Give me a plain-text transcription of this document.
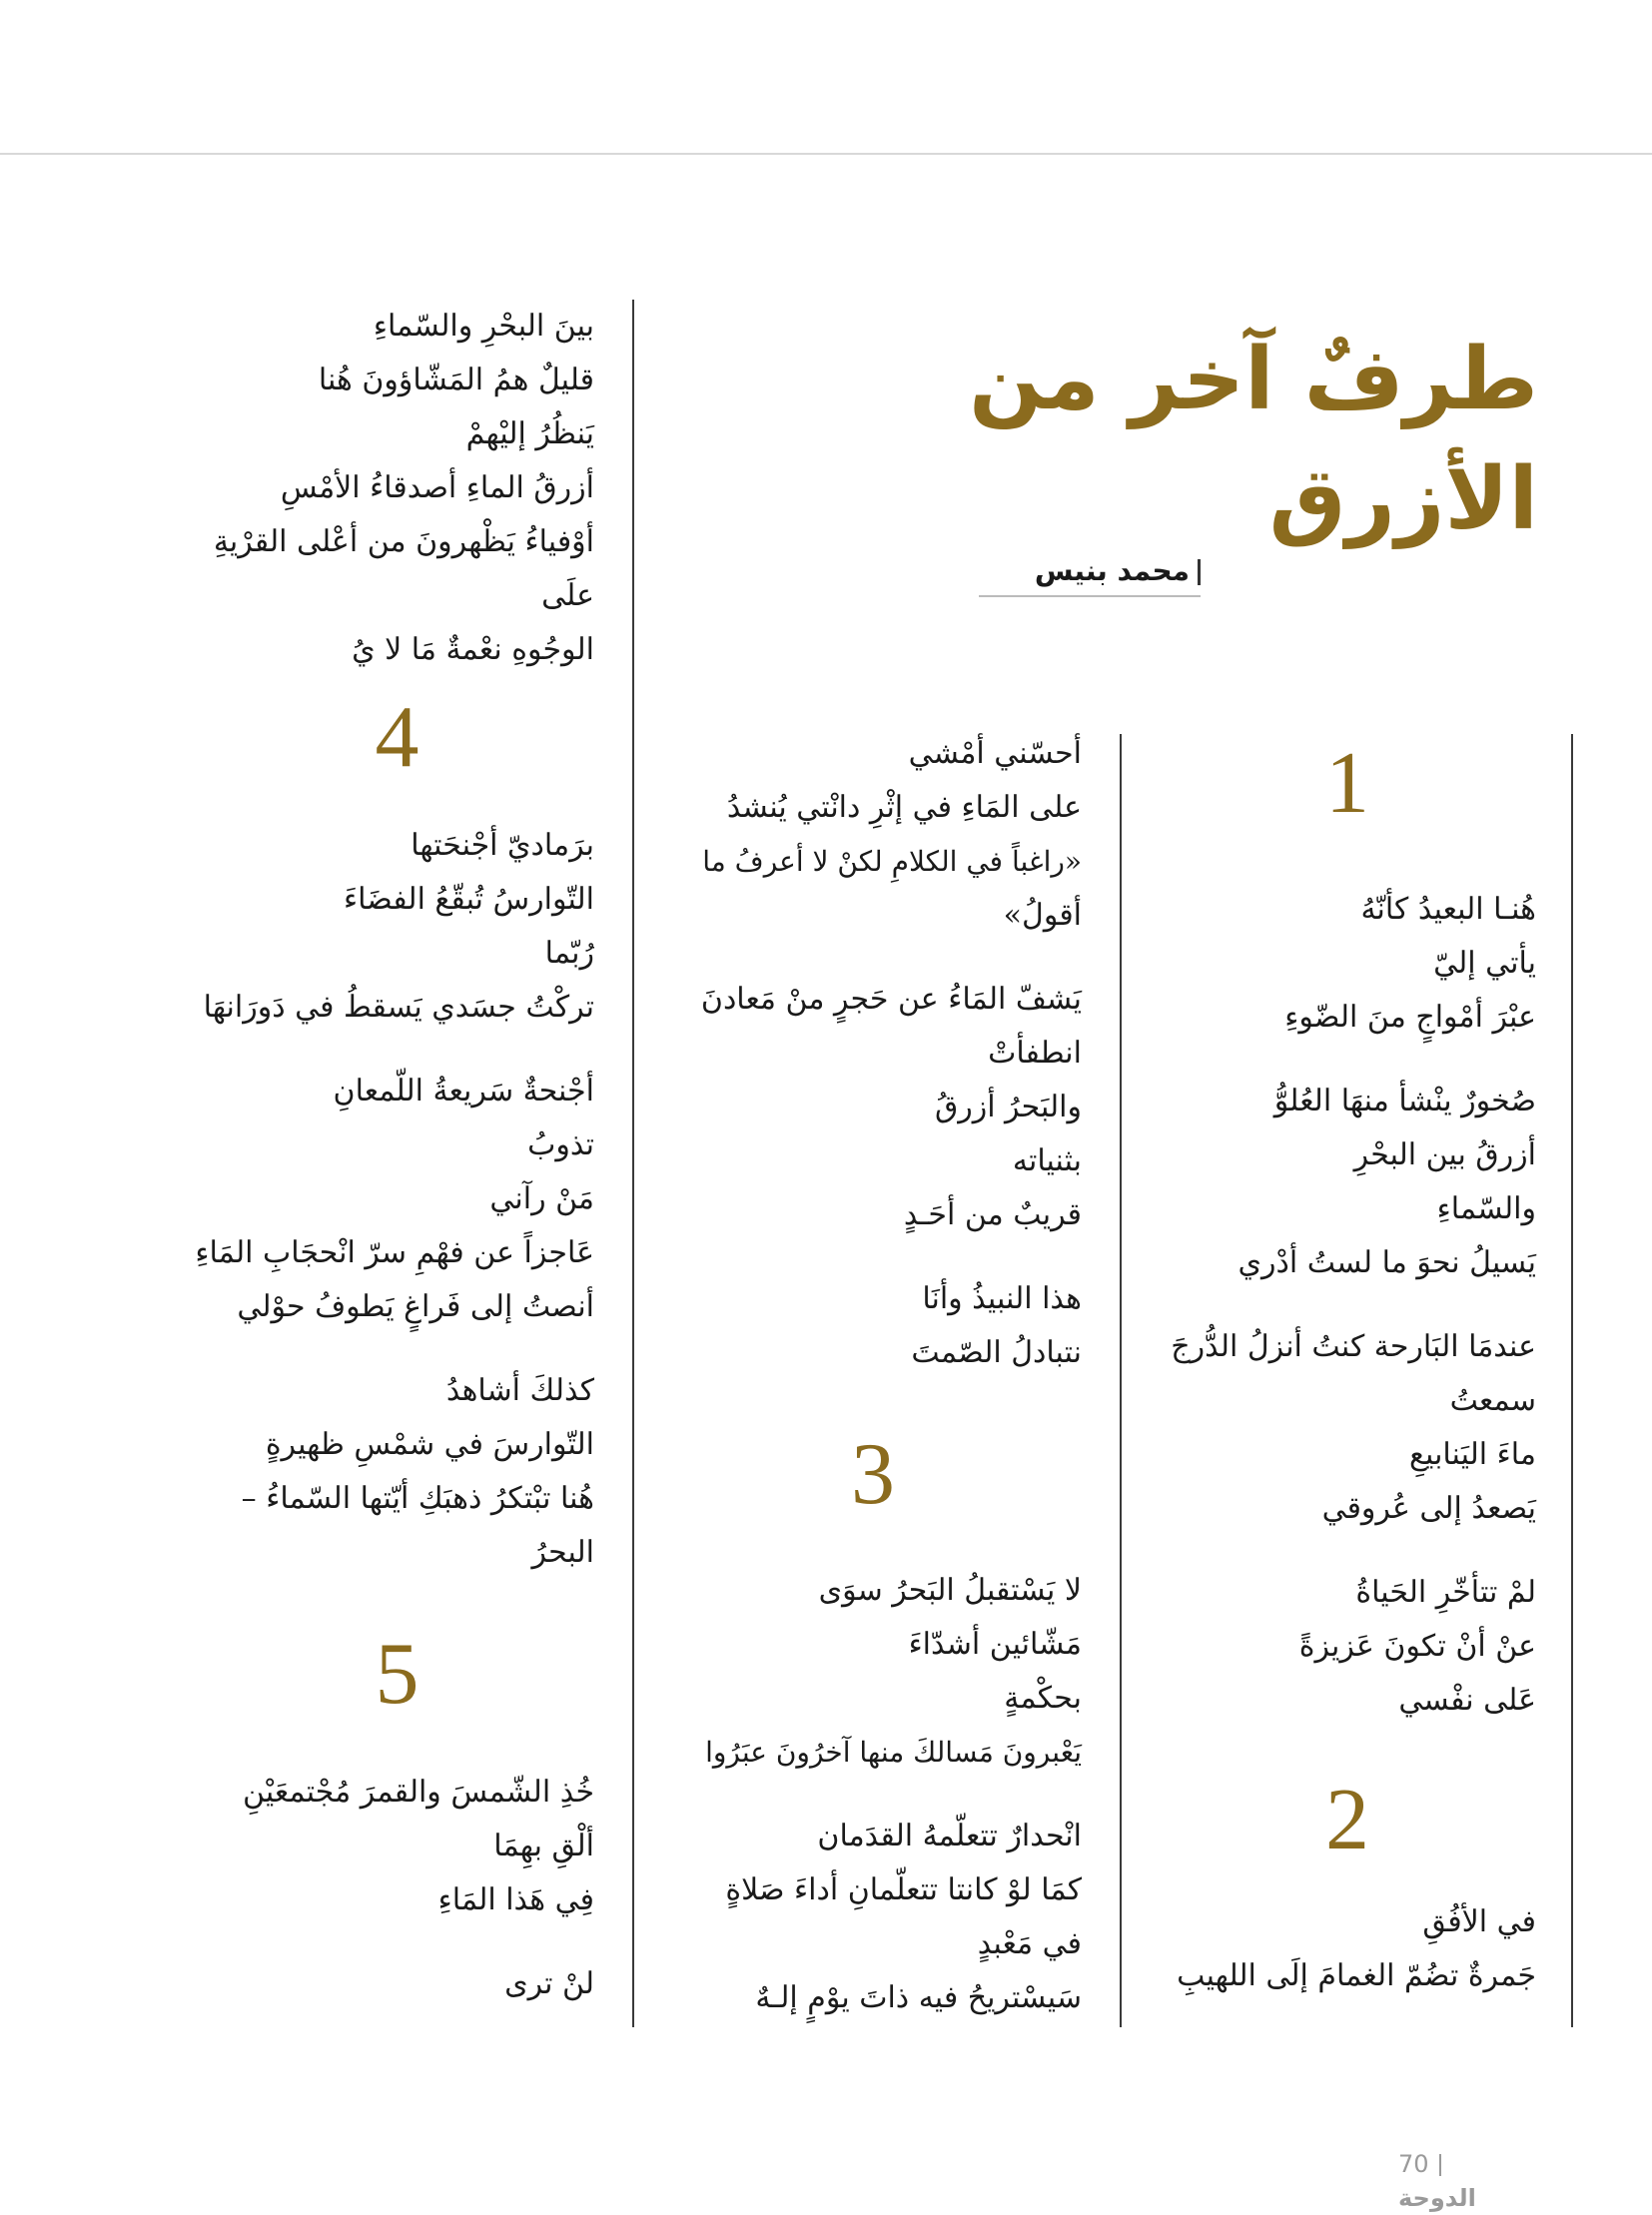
طرفٌ آخر من الأزرق
محمد بنيس
1
هُنـا البعيدُ كأنّهُ
يأتي إليّ
عبْرَ أمْواجٍ منَ الضّوءِ
صُخورٌ ينْشأ منهَا العُلوُّ
أزرقُ بين البحْرِ
والسّماءِ
يَسيلُ نحوَ ما لستُ أدْري
عندمَا البَارحة كنتُ أنزلُ الدُّرجَ
سمعتُ
ماءَ اليَنابيعِ
يَصعدُ إلى عُروقي
لمْ تتأخّرِ الحَياةُ
عنْ أنْ تكونَ عَزيزةً
عَلى نفْسي
2
في الأفُقِ
جَمرةٌ تضُمّ الغمامَ إلَى اللهيبِ
أحسّني أمْشي
على المَاءِ في إثْرِ دانْتي يُنشدُ
«راغباً في الكلامِ لكنْ لا أعرفُ ما
أقولُ»
يَشفّ المَاءُ عن حَجرٍ منْ مَعادنَ
انطفأتْ
والبَحرُ أزرقُ
بثنياته
قريبٌ من أحَـدٍ
هذا النبيذُ وأنَا
نتبادلُ الصّمتَ
3
لا يَسْتقبلُ البَحرُ سوَى
مَشّائين أشدّاءَ
بحكْمةٍ
يَعْبرونَ مَسالكَ منها آخرُونَ عبَرُوا
انْحدارٌ تتعلّمهُ القدَمان
كمَا لوْ كانتا تتعلّمانِ أداءَ صَلاةٍ
في مَعْبدٍ
سَيسْتريحُ فيه ذاتَ يوْمٍ إلـهٌ
بينَ البحْرِ والسّماءِ
قليلٌ همُ المَشّاؤونَ هُنا
يَنظُرُ إليْهمْ
أزرقُ الماءِ أصدقاءُ الأمْسِ
أوْفياءُ يَظْهرونَ من أعْلى القرْيةِ
علَى
الوجُوهِ نعْمةٌ مَا لا يُ
4
برَماديّ أجْنحَتها
التّوارسُ تُبقّعُ الفضَاءَ
رُبّما
تركْتُ جسَدي يَسقطُ في دَورَانهَا
أجْنحةٌ سَريعةُ اللّمعانِ
تذوبُ
مَنْ رآني
عَاجزاً عن فهْمِ سرّ انْحجَابِ المَاءِ
أنصتُ إلى فَراغٍ يَطوفُ حوْلي
كذلكَ أشاهدُ
التّوارسَ في شمْسِ ظهيرةٍ
هُنا تبْتكرُ ذهبَكِ أيّتها السّماءُ –
البحرُ
5
خُذِ الشّمسَ والقمرَ مُجْتمعَيْنِ
ألْقِ بهِمَا
فِي هَذا المَاءِ
لنْ ترى
70الدوحة
